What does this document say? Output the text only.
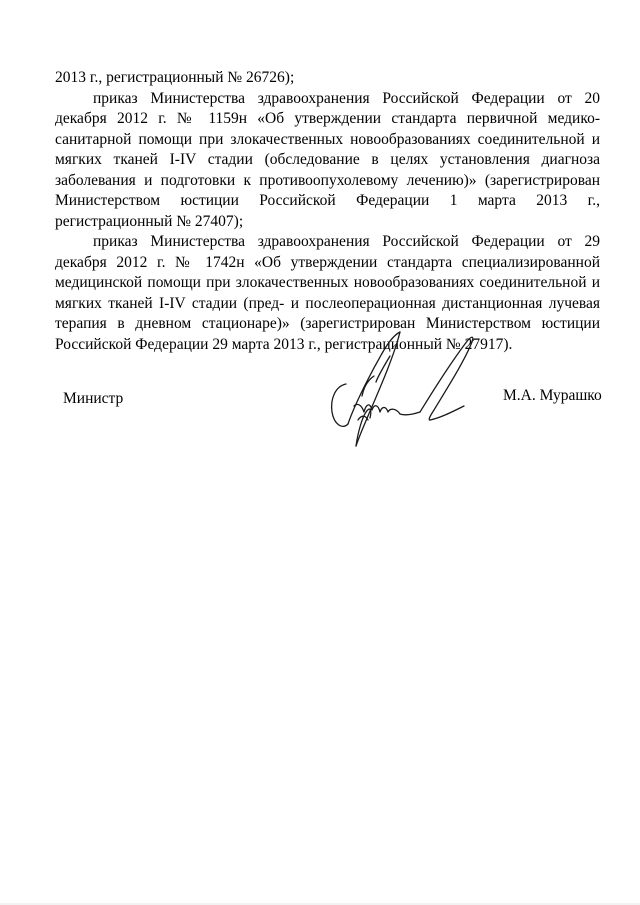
2013 г., регистрационный № 26726);

приказ Министерства здравоохранения Российской Федерации от 20 декабря 2012 г. № 1159н «Об утверждении стандарта первичной медико-санитарной помощи при злокачественных новообразованиях соединительной и мягких тканей I-IV стадии (обследование в целях установления диагноза заболевания и подготовки к противоопухолевому лечению)» (зарегистрирован Министерством юстиции Российской Федерации 1 марта 2013 г., регистрационный № 27407);

приказ Министерства здравоохранения Российской Федерации от 29 декабря 2012 г. № 1742н «Об утверждении стандарта специализированной медицинской помощи при злокачественных новообразованиях соединительной и мягких тканей I-IV стадии (пред- и послеоперационная дистанционная лучевая терапия в дневном стационаре)» (зарегистрирован Министерством юстиции Российской Федерации 29 марта 2013 г., регистрационный № 27917).

Министр	М.А. Мурашко
